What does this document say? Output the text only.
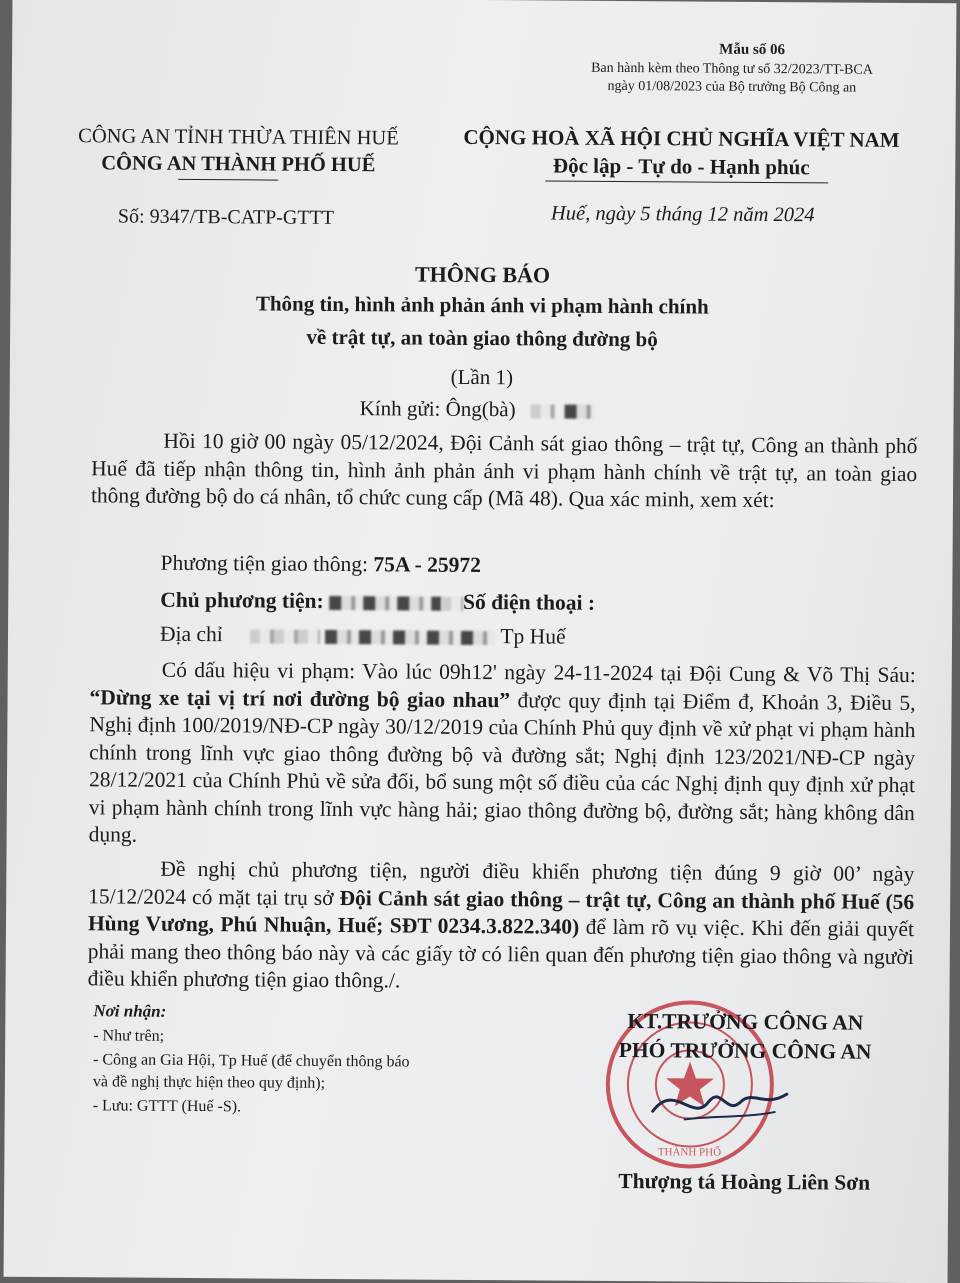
Mẫu số 06
Ban hành kèm theo Thông tư số 32/2023/TT-BCA
ngày 01/08/2023 của Bộ trưởng Bộ Công an
CÔNG AN TỈNH THỪA THIÊN HUẾ
CÔNG AN THÀNH PHỐ HUẾ
Số: 9347/TB-CATP-GTTT
CỘNG HOÀ XÃ HỘI CHỦ NGHĨA VIỆT NAM
Độc lập - Tự do - Hạnh phúc
Huế, ngày 5 tháng 12 năm 2024
THÔNG BÁO
Thông tin, hình ảnh phản ánh vi phạm hành chính
về trật tự, an toàn giao thông đường bộ
(Lần 1)
Kính gửi: Ông(bà)
Hồi 10 giờ 00 ngày 05/12/2024, Đội Cảnh sát giao thông – trật tự, Công an thành phố Huế đã tiếp nhận thông tin, hình ảnh phản ánh vi phạm hành chính về trật tự, an toàn giao thông đường bộ do cá nhân, tổ chức cung cấp (Mã 48). Qua xác minh, xem xét:
Phương tiện giao thông: 75A - 25972
Chủ phương tiện:	Số điện thoại :
Địa chỉ	Tp Huế
Có dấu hiệu vi phạm: Vào lúc 09h12' ngày 24-11-2024 tại Đội Cung & Võ Thị Sáu: “Dừng xe tại vị trí nơi đường bộ giao nhau” được quy định tại Điểm đ, Khoản 3, Điều 5, Nghị định 100/2019/NĐ-CP ngày 30/12/2019 của Chính Phủ quy định về xử phạt vi phạm hành chính trong lĩnh vực giao thông đường bộ và đường sắt; Nghị định 123/2021/NĐ-CP ngày 28/12/2021 của Chính Phủ về sửa đổi, bổ sung một số điều của các Nghị định quy định xử phạt vi phạm hành chính trong lĩnh vực hàng hải; giao thông đường bộ, đường sắt; hàng không dân dụng.
Đề nghị chủ phương tiện, người điều khiển phương tiện đúng 9 giờ 00’ ngày 15/12/2024 có mặt tại trụ sở Đội Cảnh sát giao thông – trật tự, Công an thành phố Huế (56 Hùng Vương, Phú Nhuận, Huế; SĐT 0234.3.822.340) để làm rõ vụ việc. Khi đến giải quyết phải mang theo thông báo này và các giấy tờ có liên quan đến phương tiện giao thông và người điều khiển phương tiện giao thông./.
Nơi nhận:
- Như trên;
- Công an Gia Hội, Tp Huế (để chuyển thông báo
và đề nghị thực hiện theo quy định);
- Lưu: GTTT (Huế -S).
THÀNH PHỐ
KT.TRƯỞNG CÔNG AN
PHÓ TRƯỞNG CÔNG AN
Thượng tá Hoàng Liên Sơn
